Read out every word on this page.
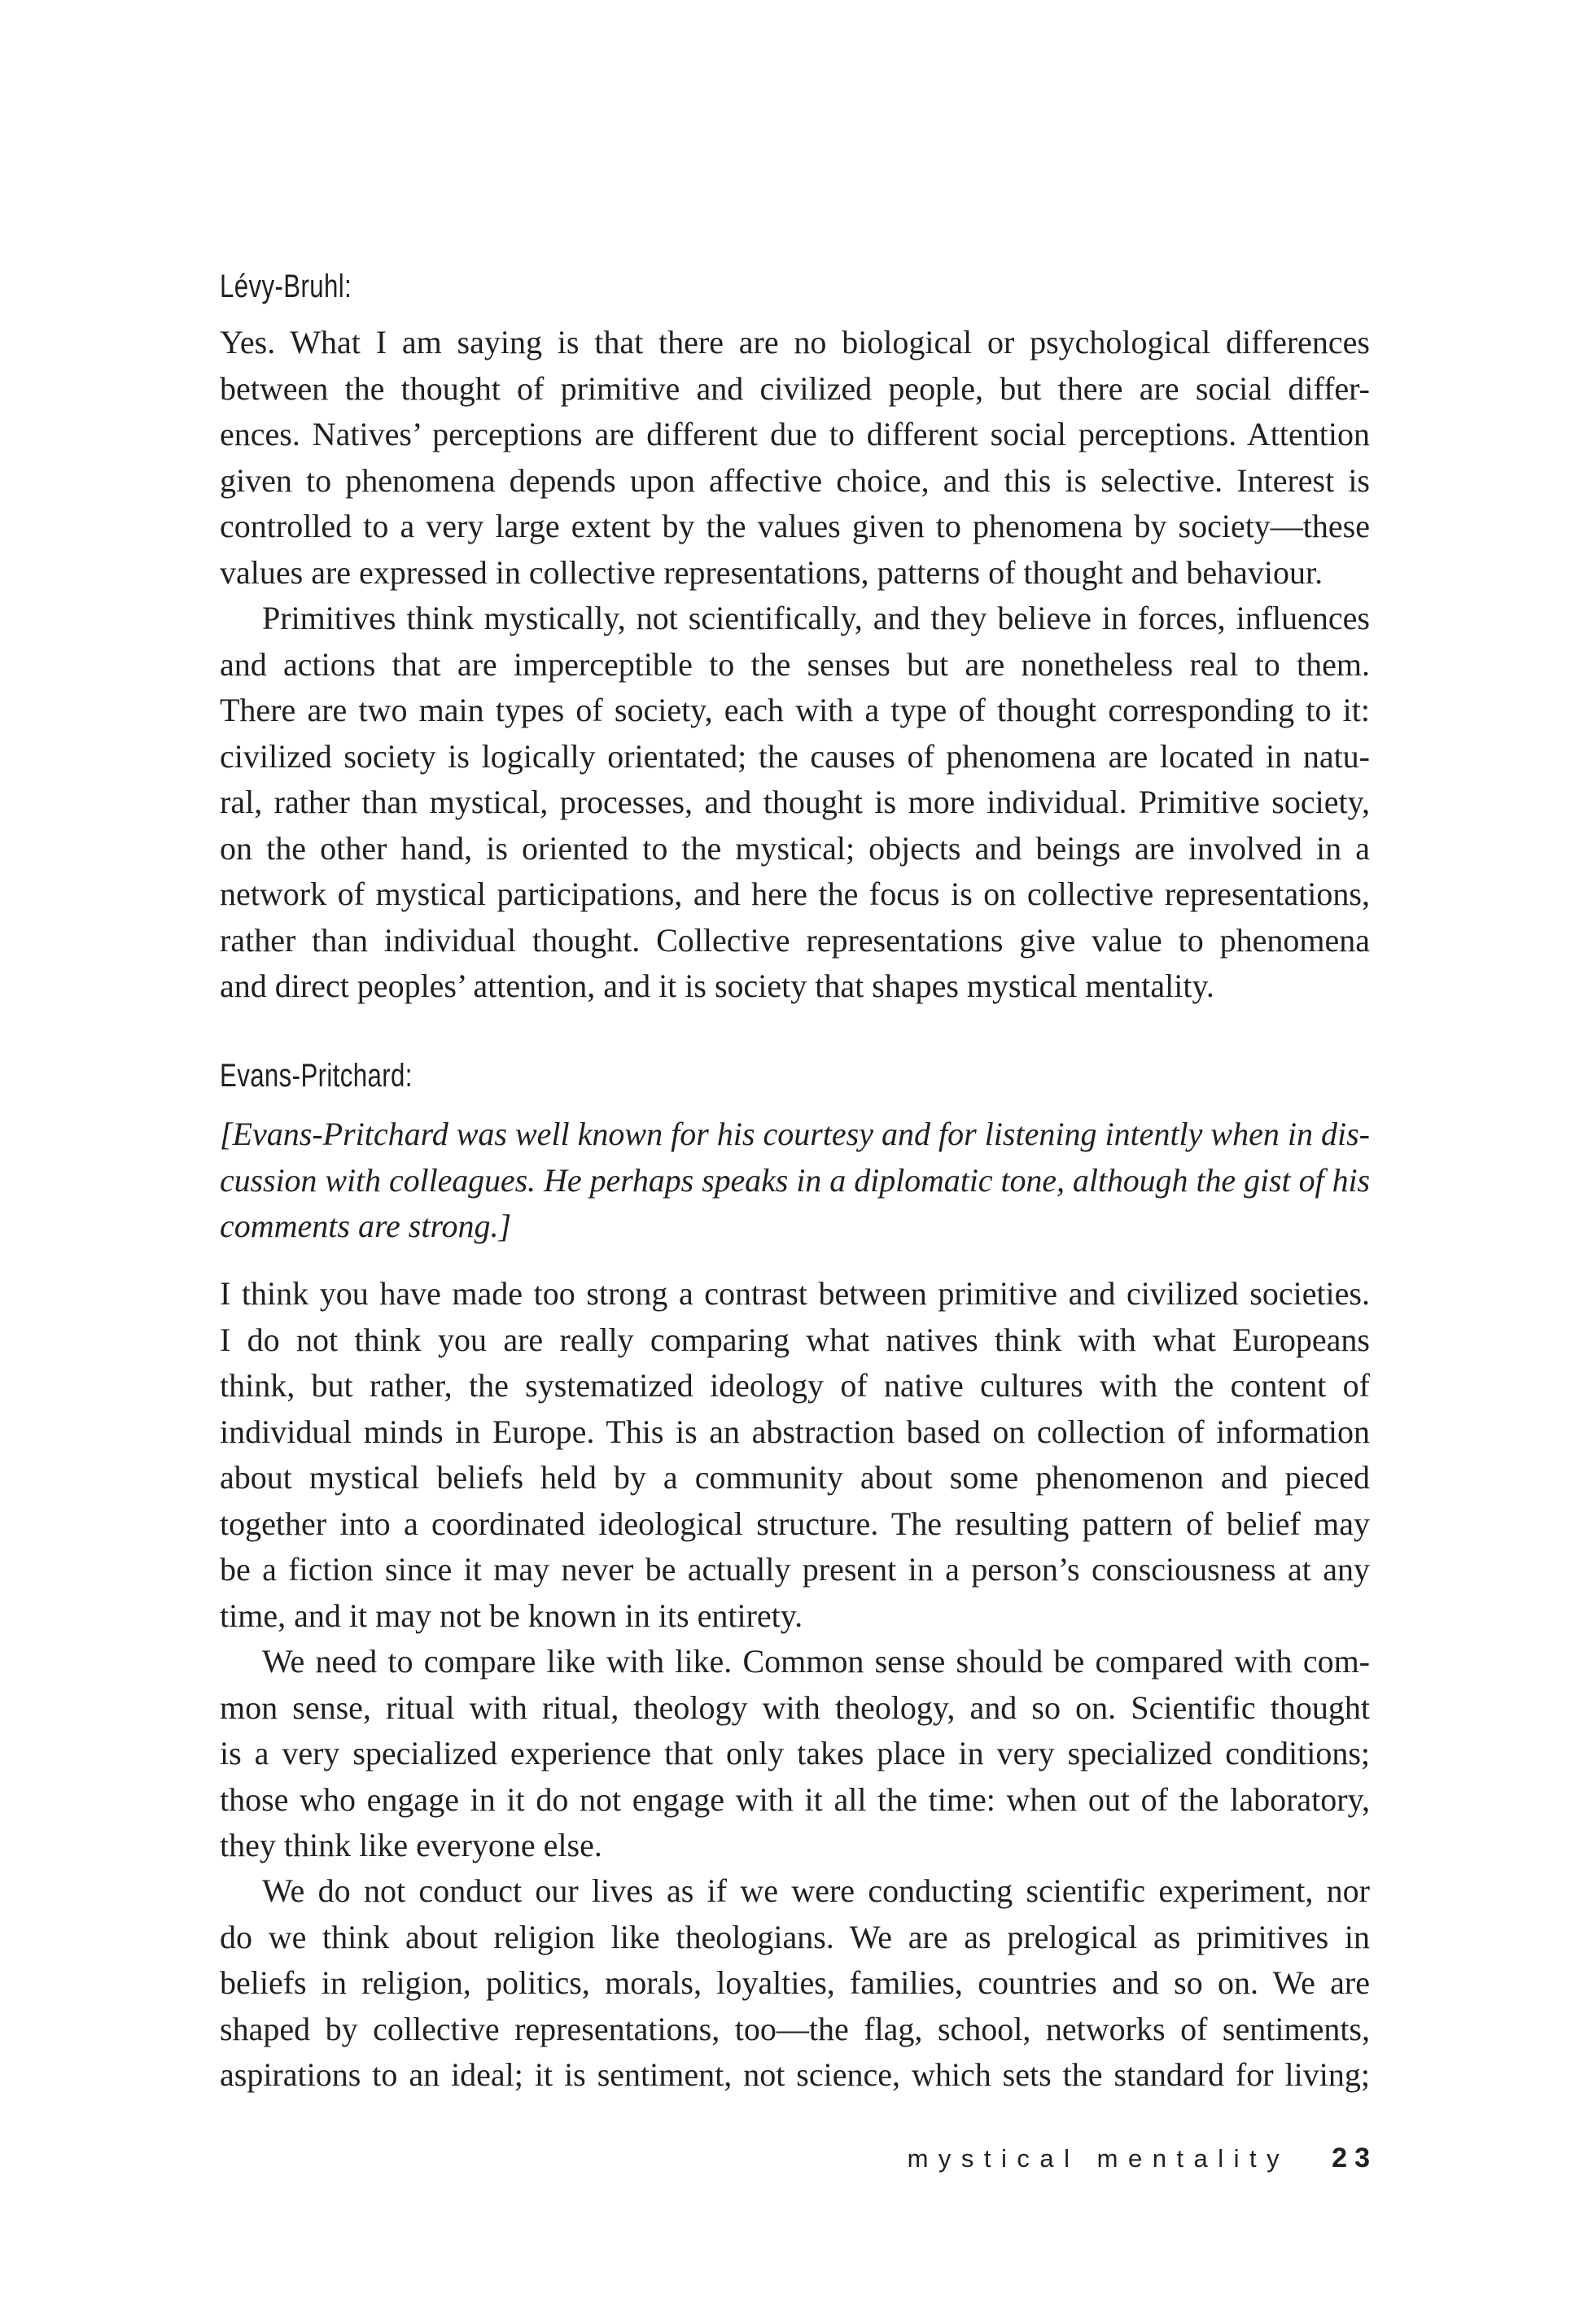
Lévy-Bruhl:
Yes. What I am saying is that there are no biological or psychological differences
between the thought of primitive and civilized people, but there are social differ-
ences. Natives’ perceptions are different due to different social perceptions. Attention
given to phenomena depends upon affective choice, and this is selective. Interest is
controlled to a very large extent by the values given to phenomena by society—these
values are expressed in collective representations, patterns of thought and behaviour.
Primitives think mystically, not scientifically, and they believe in forces, influences
and actions that are imperceptible to the senses but are nonetheless real to them.
There are two main types of society, each with a type of thought corresponding to it:
civilized society is logically orientated; the causes of phenomena are located in natu-
ral, rather than mystical, processes, and thought is more individual. Primitive society,
on the other hand, is oriented to the mystical; objects and beings are involved in a
network of mystical participations, and here the focus is on collective representations,
rather than individual thought. Collective representations give value to phenomena
and direct peoples’ attention, and it is society that shapes mystical mentality.
Evans-Pritchard:
[Evans-Pritchard was well known for his courtesy and for listening intently when in dis-
cussion with colleagues. He perhaps speaks in a diplomatic tone, although the gist of his
comments are strong.]
I think you have made too strong a contrast between primitive and civilized societies.
I do not think you are really comparing what natives think with what Europeans
think, but rather, the systematized ideology of native cultures with the content of
individual minds in Europe. This is an abstraction based on collection of information
about mystical beliefs held by a community about some phenomenon and pieced
together into a coordinated ideological structure. The resulting pattern of belief may
be a fiction since it may never be actually present in a person’s consciousness at any
time, and it may not be known in its entirety.
We need to compare like with like. Common sense should be compared with com-
mon sense, ritual with ritual, theology with theology, and so on. Scientific thought
is a very specialized experience that only takes place in very specialized conditions;
those who engage in it do not engage with it all the time: when out of the laboratory,
they think like everyone else.
We do not conduct our lives as if we were conducting scientific experiment, nor
do we think about religion like theologians. We are as prelogical as primitives in
beliefs in religion, politics, morals, loyalties, families, countries and so on. We are
shaped by collective representations, too—the flag, school, networks of sentiments,
aspirations to an ideal; it is sentiment, not science, which sets the standard for living;
mystical mentality 23
